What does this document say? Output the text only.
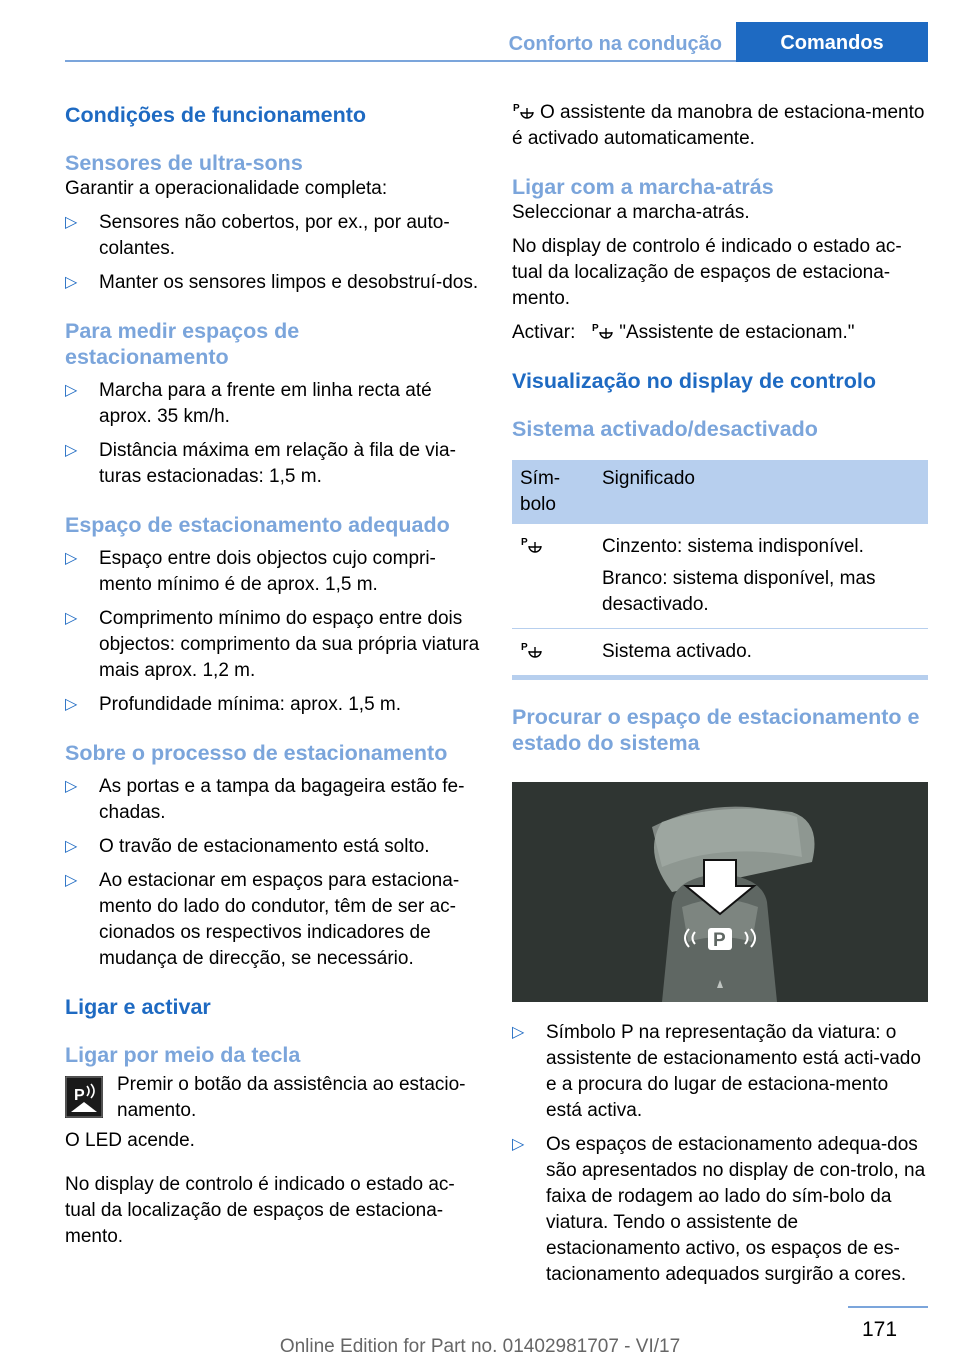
Conforto na condução	Comandos
Condições de funcionamento
Sensores de ultra-sons

Garantir a operacionalidade completa:

▷ Sensores não cobertos, por ex., por auto‐colantes.
▷ Manter os sensores limpos e desobstruí‐dos.
Para medir espaços de estacionamento
▷ Marcha para a frente em linha recta até aprox. 35 km/h.
▷ Distância máxima em relação à fila de via‐turas estacionadas: 1,5 m.
Espaço de estacionamento adequado
▷ Espaço entre dois objectos cujo compri‐mento mínimo é de aprox. 1,5 m.
▷ Comprimento mínimo do espaço entre dois objectos: comprimento da sua própria viatura mais aprox. 1,2 m.
▷ Profundidade mínima: aprox. 1,5 m.
Sobre o processo de estacionamento
▷ As portas e a tampa da bagageira estão fe‐chadas.
▷ O travão de estacionamento está solto.
▷ Ao estacionar em espaços para estaciona‐mento do lado do condutor, têm de ser ac‐cionados os respectivos indicadores de mudança de direcção, se necessário.
Ligar e activar
Ligar por meio da tecla
P

Premir o botão da assistência ao estacio‐namento.

O LED acende.

No display de controlo é indicado o estado ac‐tual da localização de espaços de estaciona‐mento.

P O assistente da manobra de estaciona‐mento é activado automaticamente.

Ligar com a marcha-atrás

Seleccionar a marcha-atrás.

No display de controlo é indicado o estado ac‐tual da localização de espaços de estaciona‐mento.

Activar: P "Assistente de estacionam."

Visualização no display de controlo
Sistema activado/desactivado
Sím‐bolo	Significado

P	Cinzento: sistema indisponível.

Branco: sistema disponível, mas desactivado.

P	Sistema activado.

Procurar o espaço de estacionamento e estado do sistema
P
▷ Símbolo P na representação da viatura: o assistente de estacionamento está acti‐vado e a procura do lugar de estaciona‐mento está activa.
▷ Os espaços de estacionamento adequa‐dos são apresentados no display de con‐trolo, na faixa de rodagem ao lado do sím‐bolo da viatura. Tendo o assistente de estacionamento activo, os espaços de es‐tacionamento adequados surgirão a cores.
171
Online Edition for Part no. 01402981707 - VI/17
